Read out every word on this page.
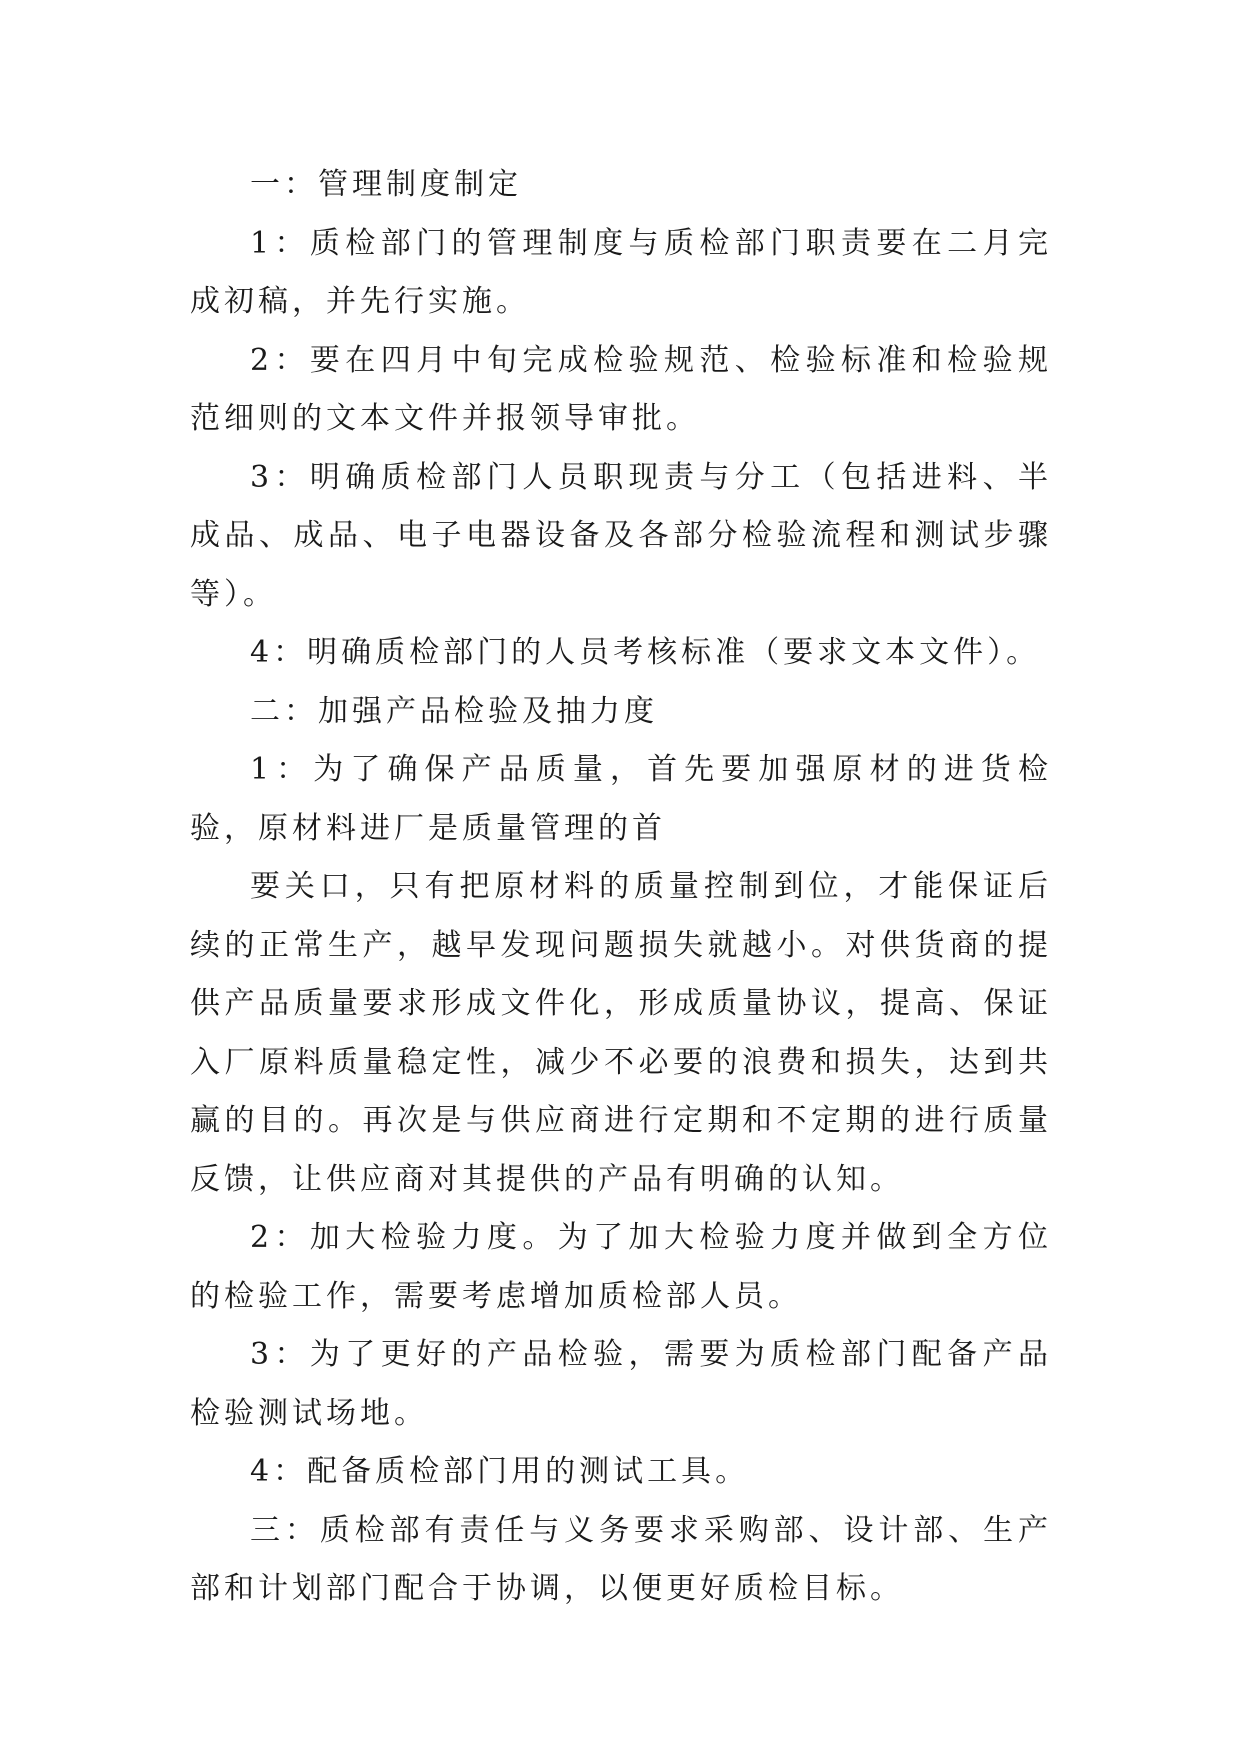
一：管理制度制定

1：质检部门的管理制度与质检部门职责要在二月完成初稿，并先行实施。

2：要在四月中旬完成检验规范、检验标准和检验规范细则的文本文件并报领导审批。

3：明确质检部门人员职现责与分工（包括进料、半成品、成品、电子电器设备及各部分检验流程和测试步骤等）。

4：明确质检部门的人员考核标准（要求文本文件）。

二：加强产品检验及抽力度

1：为了确保产品质量，首先要加强原材的进货检验，原材料进厂是质量管理的首

要关口，只有把原材料的质量控制到位，才能保证后续的正常生产，越早发现问题损失就越小。对供货商的提供产品质量要求形成文件化，形成质量协议，提高、保证入厂原料质量稳定性，减少不必要的浪费和损失，达到共赢的目的。再次是与供应商进行定期和不定期的进行质量反馈，让供应商对其提供的产品有明确的认知。

2：加大检验力度。为了加大检验力度并做到全方位的检验工作，需要考虑增加质检部人员。

3：为了更好的产品检验，需要为质检部门配备产品检验测试场地。

4：配备质检部门用的测试工具。

三：质检部有责任与义务要求采购部、设计部、生产部和计划部门配合于协调，以便更好质检目标。
